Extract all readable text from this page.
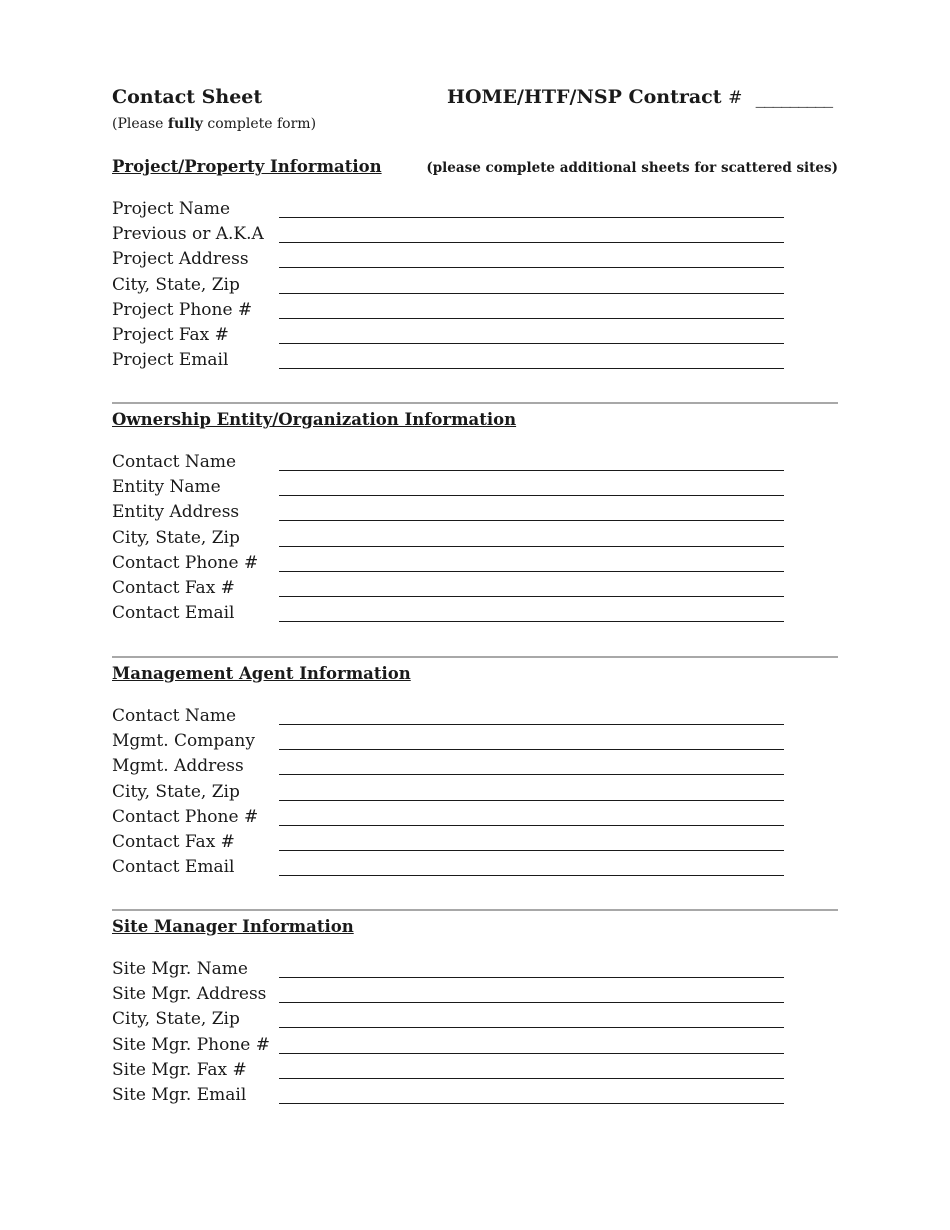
Contact Sheet	HOME/HTF/NSP Contract # _________
(Please fully complete form)
Project/Property Information	(please complete additional sheets for scattered sites)
Project Name
Previous or A.K.A
Project Address
City, State, Zip
Project Phone #
Project Fax #
Project Email
Ownership Entity/Organization Information
Contact Name
Entity Name
Entity Address
City, State, Zip
Contact Phone #
Contact Fax #
Contact Email
Management Agent Information
Contact Name
Mgmt. Company
Mgmt. Address
City, State, Zip
Contact Phone #
Contact Fax #
Contact Email
Site Manager Information
Site Mgr. Name
Site Mgr. Address
City, State, Zip
Site Mgr. Phone #
Site Mgr. Fax #
Site Mgr. Email
